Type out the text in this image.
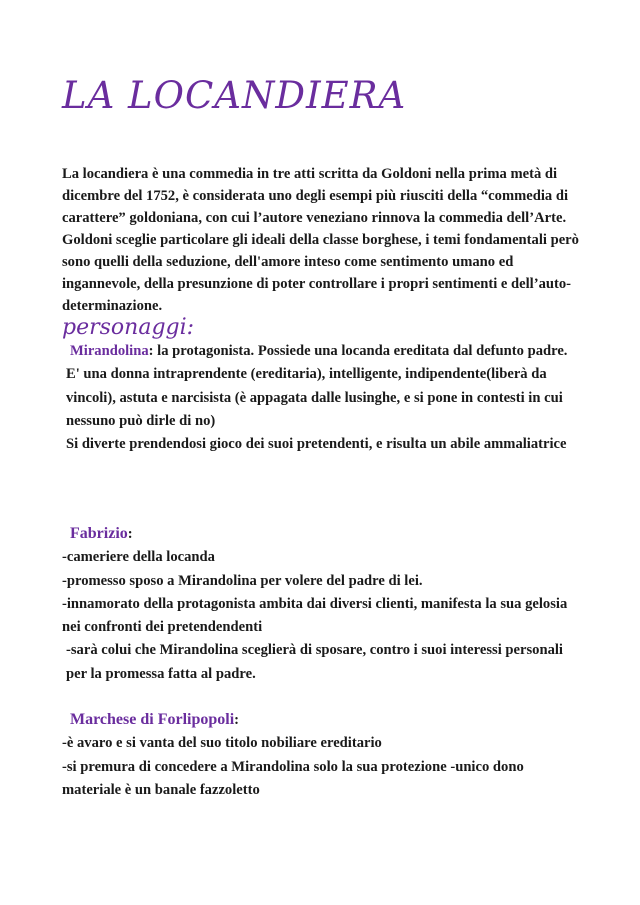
LA LOCANDIERA

La locandiera è una commedia in tre atti scritta da Goldoni nella prima metà di dicembre del 1752, è considerata uno degli esempi più riusciti della “commedia di carattere” goldoniana, con cui l’autore veneziano rinnova la commedia dell’Arte. Goldoni sceglie particolare gli ideali della classe borghese, i temi fondamentali però sono quelli della seduzione, dell'amore inteso come sentimento umano ed ingannevole, della presunzione di poter controllare i propri sentimenti e dell’auto-determinazione.

personaggi:

Mirandolina: la protagonista. Possiede una locanda ereditata dal defunto padre.

E' una donna intraprendente (ereditaria), intelligente, indipendente(liberà da vincoli), astuta e narcisista (è appagata dalle lusinghe, e si pone in contesti in cui nessuno può dirle di no)

Si diverte prendendosi gioco dei suoi pretendenti, e risulta un abile ammaliatrice

Fabrizio:

-cameriere della locanda

-promesso sposo a Mirandolina per volere del padre di lei.

-innamorato della protagonista ambita dai diversi clienti, manifesta la sua gelosia nei confronti dei pretendendenti

-sarà colui che Mirandolina sceglierà di sposare, contro i suoi interessi personali per la promessa fatta al padre.

Marchese di Forlipopoli:

-è avaro e si vanta del suo titolo nobiliare ereditario

-si premura di concedere a Mirandolina solo la sua protezione -unico dono materiale è un banale fazzoletto
